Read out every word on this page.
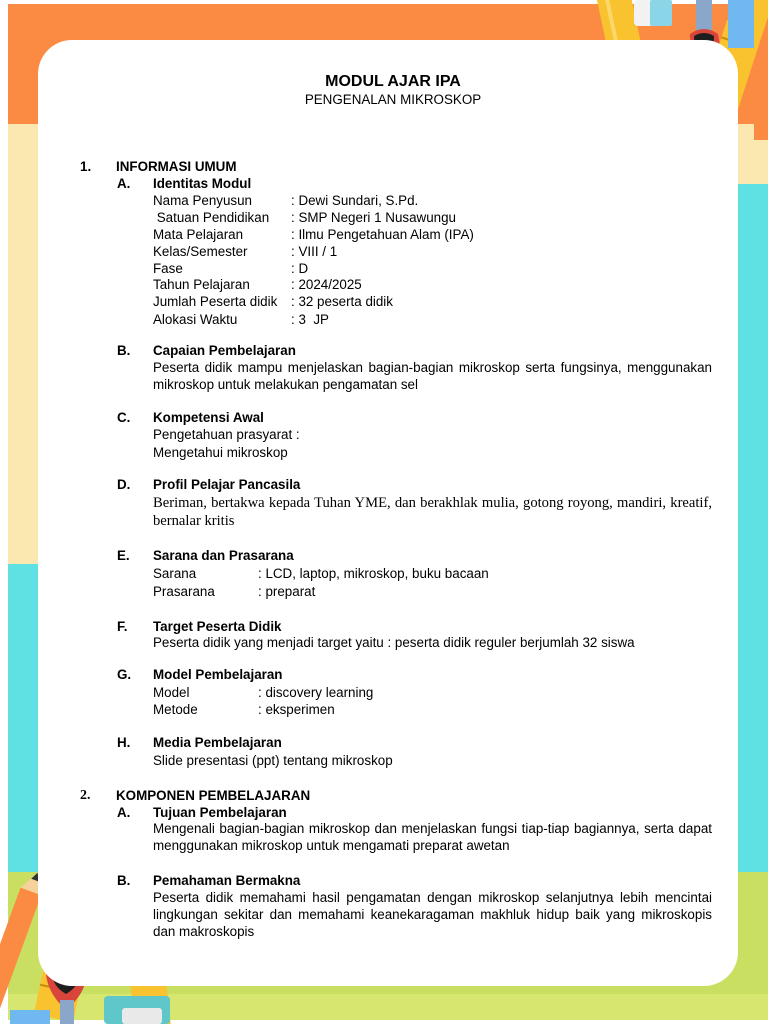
MODUL AJAR IPA
PENGENALAN MIKROSKOP
1. INFORMASI UMUM
A. Identitas Modul
Nama Penyusun	: Dewi Sundari, S.Pd.
Satuan Pendidikan : SMP Negeri 1 Nusawungu
Mata Pelajaran	: Ilmu Pengetahuan Alam (IPA)
Kelas/Semester	: VIII / 1
Fase	: D
Tahun Pelajaran	: 2024/2025
Jumlah Peserta didik : 32 peserta didik
Alokasi Waktu	: 3  JP
B. Capaian Pembelajaran
Peserta didik mampu menjelaskan bagian-bagian mikroskop serta fungsinya, menggunakan mikroskop untuk melakukan pengamatan sel
C. Kompetensi Awal
Pengetahuan prasyarat :
Mengetahui mikroskop
D. Profil Pelajar Pancasila
Beriman, bertakwa kepada Tuhan YME, dan berakhlak mulia, gotong royong, mandiri, kreatif, bernalar kritis
E. Sarana dan Prasarana
Sarana	: LCD, laptop, mikroskop, buku bacaan
Prasarana	: preparat
F. Target Peserta Didik
Peserta didik yang menjadi target yaitu : peserta didik reguler berjumlah 32 siswa
G. Model Pembelajaran
Model	: discovery learning
Metode	: eksperimen
H. Media Pembelajaran
Slide presentasi (ppt) tentang mikroskop
2. KOMPONEN PEMBELAJARAN
A. Tujuan Pembelajaran
Mengenali bagian-bagian mikroskop dan menjelaskan fungsi tiap-tiap bagiannya, serta dapat menggunakan mikroskop untuk mengamati preparat awetan
B. Pemahaman Bermakna
Peserta didik memahami hasil pengamatan dengan mikroskop selanjutnya lebih mencintai lingkungan sekitar dan memahami keanekaragaman makhluk hidup baik yang mikroskopis dan makroskopis
